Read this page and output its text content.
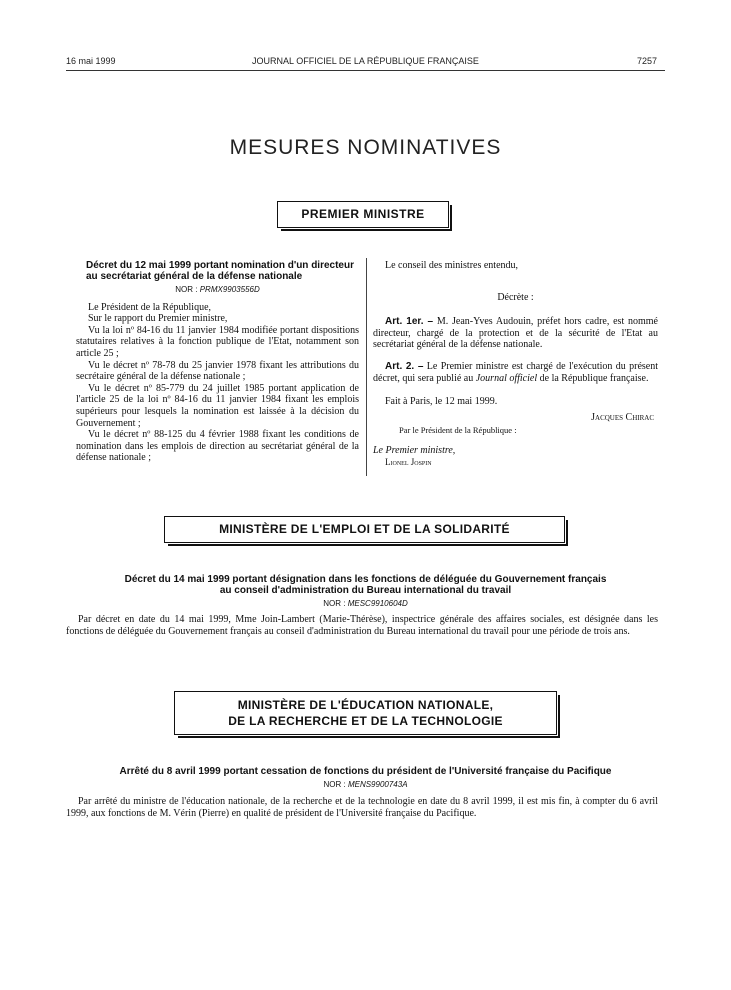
16 mai 1999	JOURNAL OFFICIEL DE LA RÉPUBLIQUE FRANÇAISE	7257
MESURES NOMINATIVES
PREMIER MINISTRE
Décret du 12 mai 1999 portant nomination d'un directeur au secrétariat général de la défense nationale
NOR : PRMX9903556D

Le Président de la République,

Sur le rapport du Premier ministre,

Vu la loi nº 84-16 du 11 janvier 1984 modifiée portant dispositions statutaires relatives à la fonction publique de l'Etat, notamment son article 25 ;

Vu le décret nº 78-78 du 25 janvier 1978 fixant les attributions du secrétaire général de la défense nationale ;

Vu le décret nº 85-779 du 24 juillet 1985 portant application de l'article 25 de la loi nº 84-16 du 11 janvier 1984 fixant les emplois supérieurs pour lesquels la nomination est laissée à la décision du Gouvernement ;

Vu le décret nº 88-125 du 4 février 1988 fixant les conditions de nomination dans les emplois de direction au secrétariat général de la défense nationale ;

Le conseil des ministres entendu,

Décrète :

Art. 1er. – M. Jean-Yves Audouin, préfet hors cadre, est nommé directeur, chargé de la protection et de la sécurité de l'Etat au secrétariat général de la défense nationale.

Art. 2. – Le Premier ministre est chargé de l'exécution du présent décret, qui sera publié au Journal officiel de la République française.

Fait à Paris, le 12 mai 1999.

Jacques Chirac
Par le Président de la République :
Le Premier ministre,
Lionel Jospin
MINISTÈRE DE L'EMPLOI ET DE LA SOLIDARITÉ
Décret du 14 mai 1999 portant désignation dans les fonctions de déléguée du Gouvernement français
au conseil d'administration du Bureau international du travail
NOR : MESC9910604D
Par décret en date du 14 mai 1999, Mme Join-Lambert (Marie-Thérèse), inspectrice générale des affaires sociales, est désignée dans les fonctions de déléguée du Gouvernement français au conseil d'administration du Bureau international du travail pour une période de trois ans.
MINISTÈRE DE L'ÉDUCATION NATIONALE,
DE LA RECHERCHE ET DE LA TECHNOLOGIE
Arrêté du 8 avril 1999 portant cessation de fonctions du président de l'Université française du Pacifique
NOR : MENS9900743A
Par arrêté du ministre de l'éducation nationale, de la recherche et de la technologie en date du 8 avril 1999, il est mis fin, à compter du 6 avril 1999, aux fonctions de M. Vérin (Pierre) en qualité de président de l'Université française du Pacifique.
